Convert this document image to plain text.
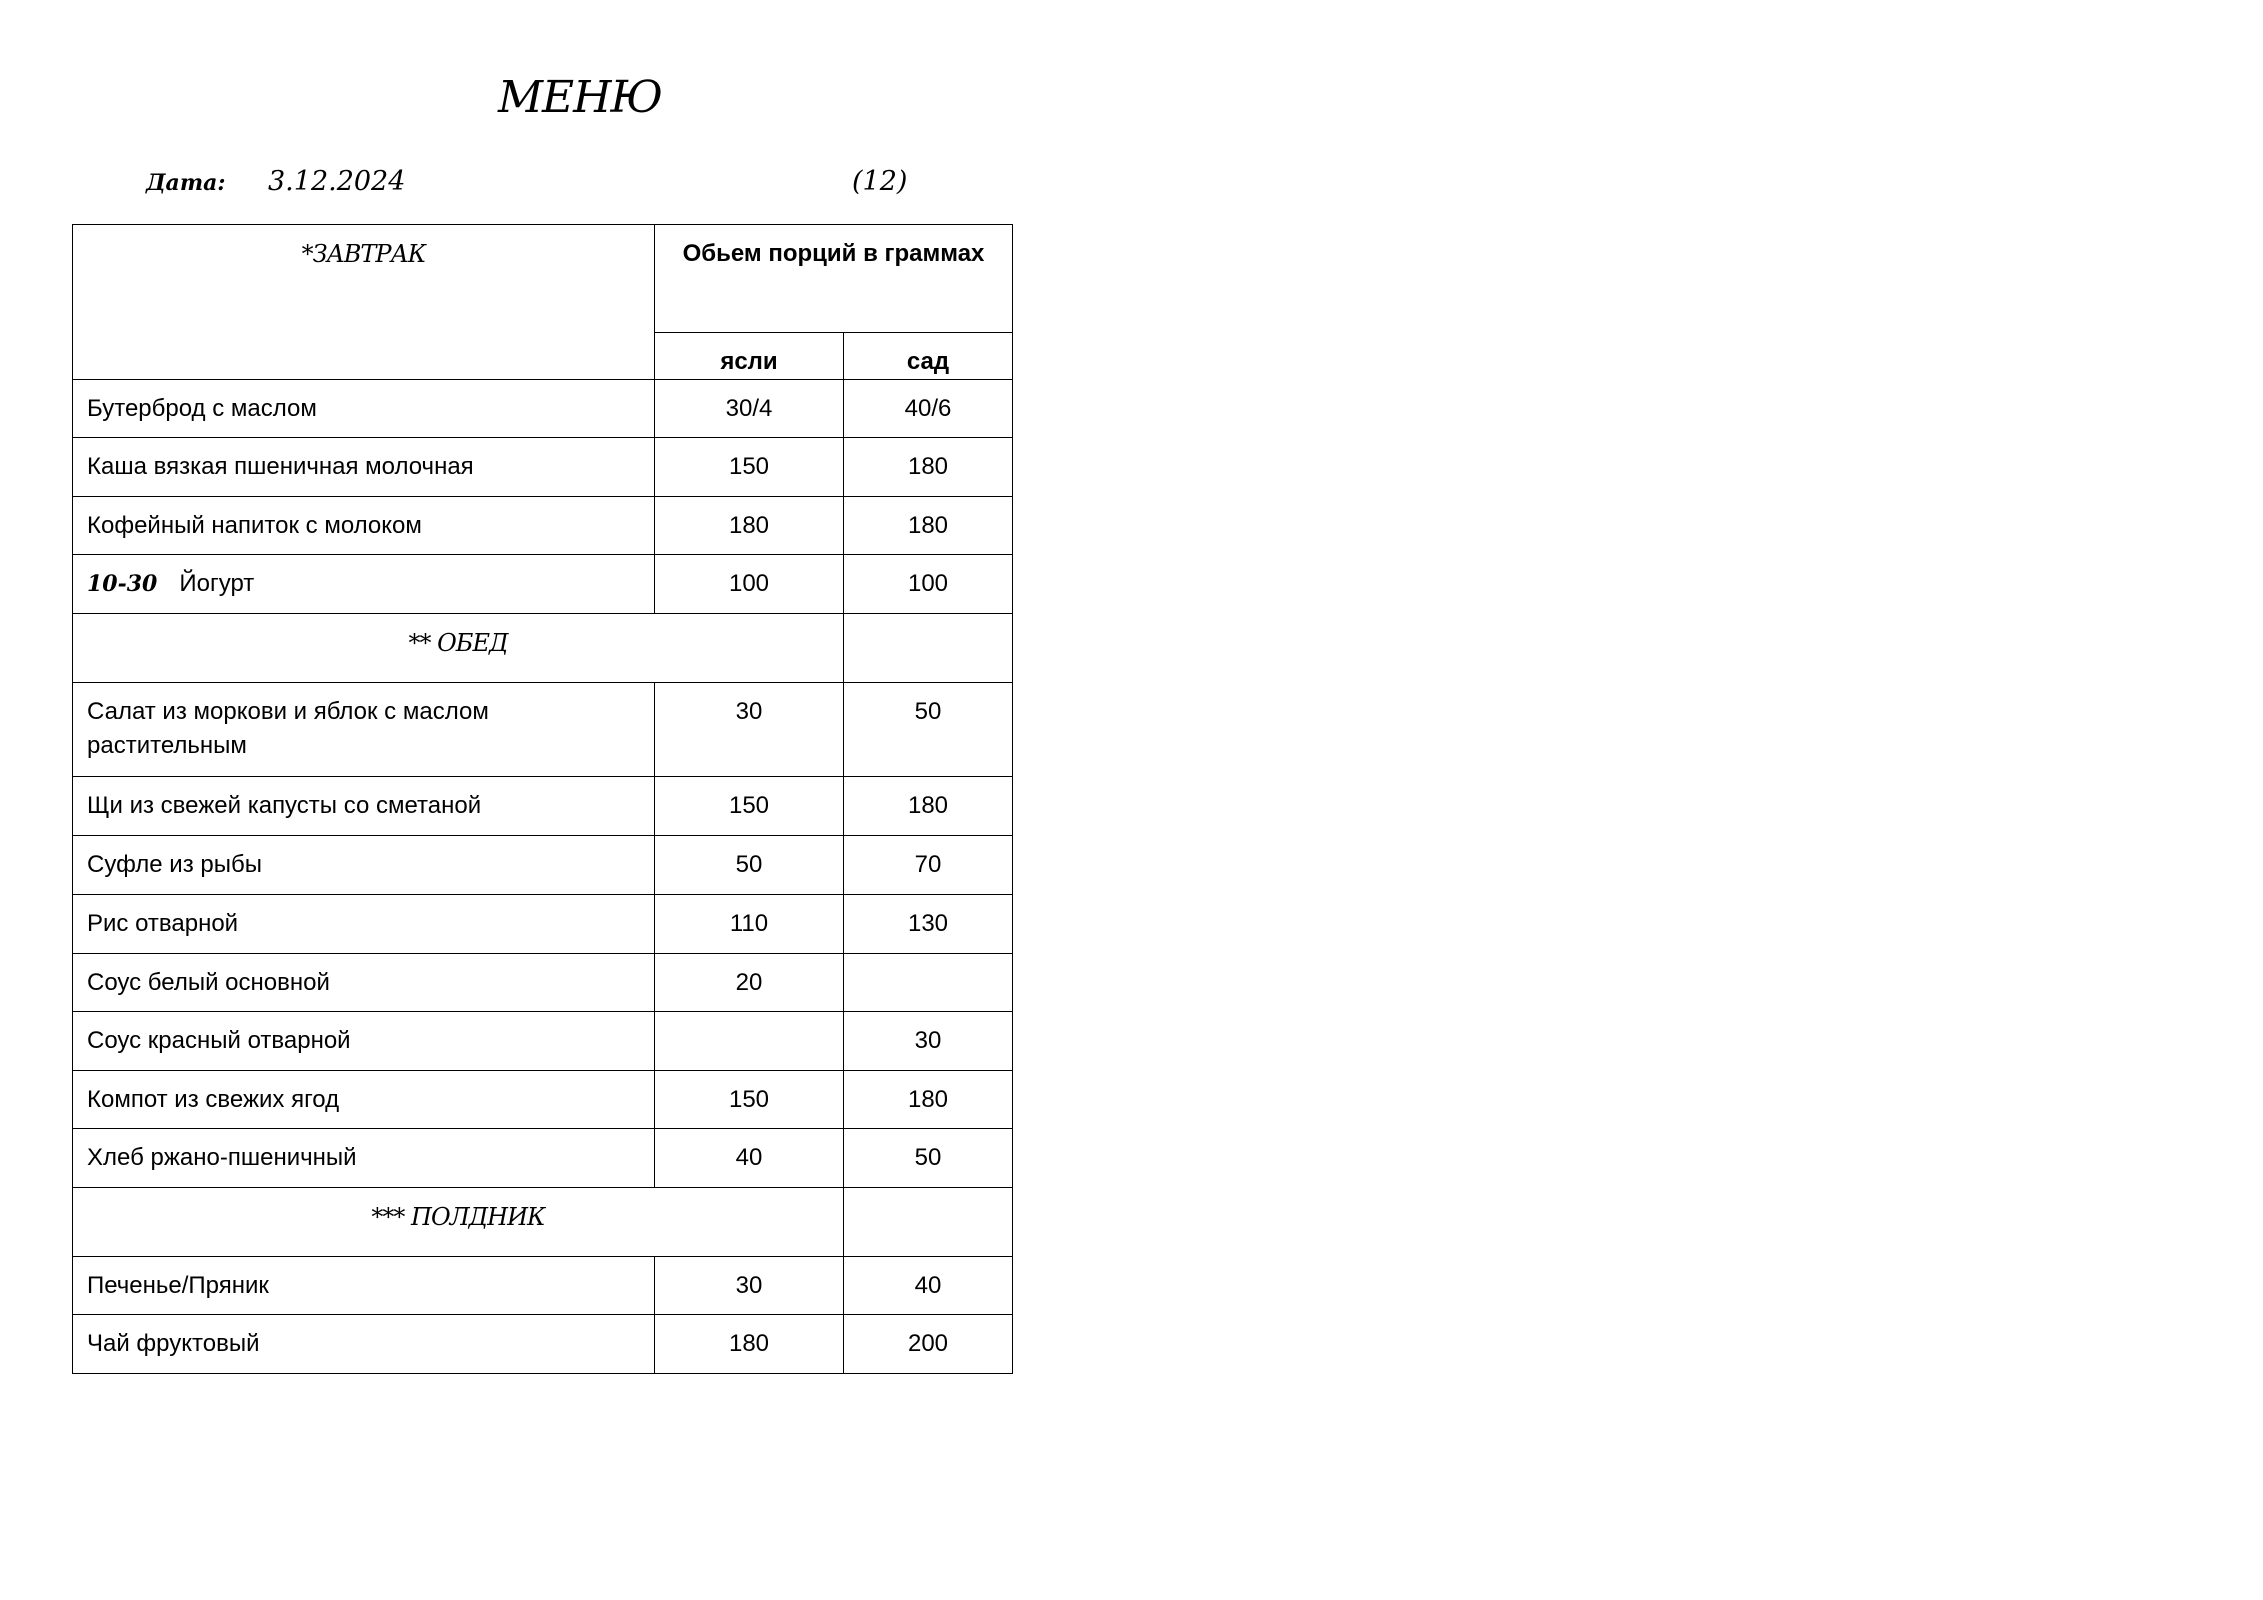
МЕНЮ
Дата: 3.12.2024	(12)
*ЗАВТРАК	Обьем порций в граммах	
	ясли	сад
Бутерброд с маслом	30/4	40/6
Каша вязкая пшеничная молочная	150	180
Кофейный напиток с молоком	180	180
10-30 Йогурт	100	100
** ОБЕД		
Салат из моркови и яблок с маслом растительным	30	50
Щи из свежей капусты со сметаной	150	180
Суфле из рыбы	50	70
Рис отварной	110	130
Соус белый основной	20	
Соус красный отварной		30
Компот из свежих ягод	150	180
Хлеб ржано-пшеничный	40	50
*** ПОЛДНИК		
Печенье/Пряник	30	40
Чай фруктовый	180	200
